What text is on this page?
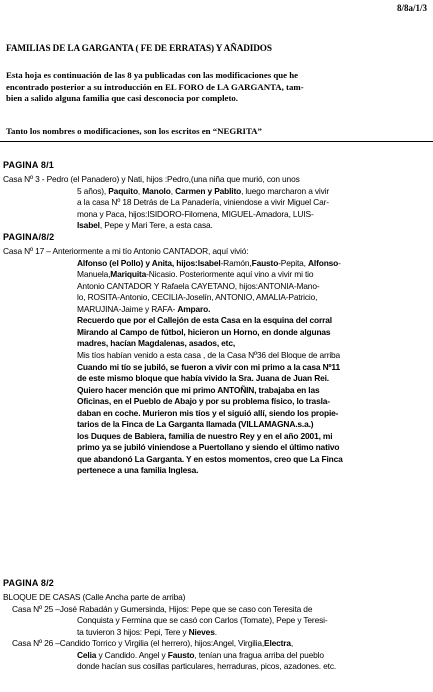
8/8a/1/3
FAMILIAS DE LA GARGANTA ( FE DE ERRATAS) Y AÑADIDOS

Esta hoja es continuación de las 8 ya publicadas con las modificaciones que he

encontrado posterior a su introducción en EL FORO de LA GARGANTA, tam-

bien a salido alguna familia que casi desconocia por completo.

Tanto los nombres o modificaciones, son los escritos en “NEGRITA”
PAGINA 8/1
Casa Nº 3 - Pedro (el Panadero) y Nati, hijos :Pedro,(una niña que murió, con unos
5 años), Paquito, Manolo, Carmen y Pablito, luego marcharon a vivir
a la casa Nº 18 Detrás de La Panadería, viniendose a vivir Miguel Car-
mona y Paca, hijos:ISIDORO-Filomena, MIGUEL-Amadora, LUIS-
Isabel, Pepe y Mari Tere, a esta casa.
PAGINA/8/2
Casa Nº 17 – Anteriormente a mi tío Antonio CANTADOR, aquí vivió:
Alfonso (el Pollo) y Anita, hijos:Isabel-Ramón,Fausto-Pepita, Alfonso-
Manuela,Mariquita-Nicasio. Posteriormente aquí vino a vivir mi tio
Antonio CANTADOR Y Rafaela CAYETANO, hijos:ANTONIA-Mano-
lo, ROSITA-Antonio, CECILIA-Joselín, ANTONIO, AMALIA-Patricio,
MARUJINA-Jaime y RAFA- Amparo.
Recuerdo que por el Callejón de esta Casa en la esquina del corral
Mirando al Campo de fútbol, hicieron un Horno, en donde algunas
madres, hacían Magdalenas, asados, etc,
Mis tíos habían venido a esta casa , de la Casa Nº36 del Bloque de arriba
Cuando mi tío se jubiló, se fueron a vivir con mi primo a la casa Nº11
de este mismo bloque que había vivido la Sra. Juana de Juan Rei.
Quiero hacer mención que mi primo ANTOÑIN, trabajaba en las
Oficinas, en el Pueblo de Abajo y por su problema físico, lo trasla-
daban en coche. Murieron mis tíos y el siguió allí, siendo los propie-
tarios de la Finca de La Garganta llamada (VILLAMAGNA.s.a.)
los Duques de Babiera, familia de nuestro Rey y en el año 2001, mi
primo ya se jubiló viniendose a Puertollano y siendo el último nativo
que abandonó La Garganta. Y en estos momentos, creo que La Finca
pertenece a una familia Inglesa.
PAGINA 8/2
BLOQUE DE CASAS (Calle Ancha parte de arriba)
Casa Nº 25 –José Rabadán y Gumersinda, Hijos: Pepe que se caso con Teresita de
Conquista y Fermina que se casó con Carlos (Tomate), Pepe y Teresi-
ta tuvieron 3 hijos: Pepi, Tere y Nieves.
Casa Nº 26 –Candido Torrico y Virgilia (el herrero), hijos:Angel, Virgilia,Electra,
Celia y Candido. Angel y Fausto, tenían una fragua arriba del pueblo
donde hacían sus cosillas particulares, herraduras, picos, azadones. etc.
